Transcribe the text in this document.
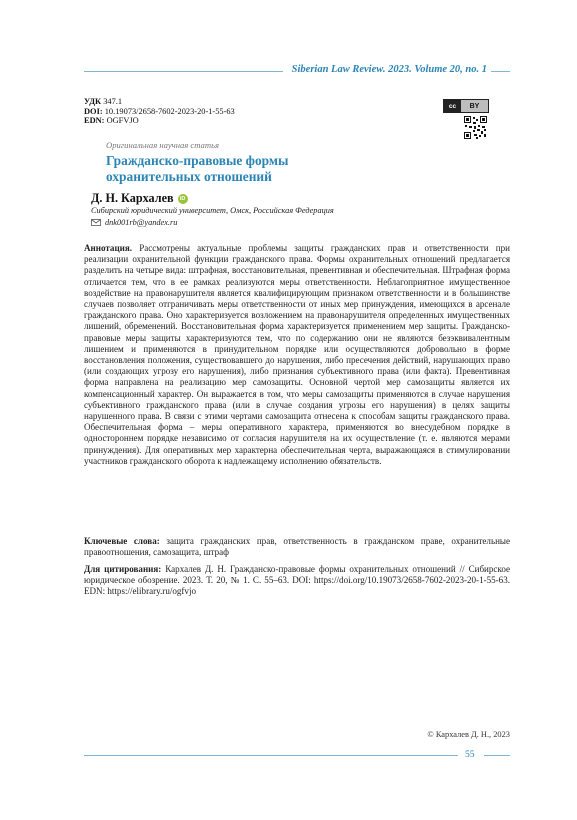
Siberian Law Review. 2023. Volume 20, no. 1
УДК 347.1
DOI: 10.19073/2658-7602-2023-20-1-55-63
EDN: OGFVJO
cc	BY
Оригинальная научная статья
Гражданско-правовые формы
охранительных отношений
Д. Н. Кархалев	iD
Сибирский юридический университет, Омск, Российская Федерация
dnk001rb@yandex.ru
Аннотация. Рассмотрены актуальные проблемы защиты гражданских прав и ответственности при реализации охранительной функции гражданского права. Формы охранительных отношений предлагается разделить на четыре вида: штрафная, восстановительная, превентивная и обеспечительная. Штрафная форма отличается тем, что в ее рамках реализуются меры ответственности. Неблагоприятное имущественное воздействие на правонарушителя является квалифицирующим признаком ответственности и в большинстве случаев позволяет отграничивать меры ответственности от иных мер принуждения, имеющихся в арсенале гражданского права. Оно характеризуется возложением на правонарушителя определенных имущественных лишений, обременений. Восстановительная форма характеризуется применением мер защиты. Гражданско-правовые меры защиты характеризуются тем, что по содержанию они не являются безэквивалентным лишением и применяются в принудительном порядке или осуществляются добровольно в форме восстановления положения, существовавшего до нарушения, либо пресечения действий, нарушающих право (или создающих угрозу его нарушения), либо признания субъективного права (или факта). Превентивная форма направлена на реализацию мер самозащиты. Основной чертой мер самозащиты является их компенсационный характер. Он выражается в том, что меры самозащиты применяются в случае нарушения субъективного гражданского права (или в случае создания угрозы его нарушения) в целях защиты нарушенного права. В связи с этими чертами самозащита отнесена к способам защиты гражданского права. Обеспечительная форма – меры оперативного характера, применяются во внесудебном порядке в одностороннем порядке независимо от согласия нарушителя на их осуществление (т. е. являются мерами принуждения). Для оперативных мер характерна обеспечительная черта, выражающаяся в стимулировании участников гражданского оборота к надлежащему исполнению обязательств.
Ключевые слова: защита гражданских прав, ответственность в гражданском праве, охранительные правоотношения, самозащита, штраф
Для цитирования: Кархалев Д. Н. Гражданско-правовые формы охранительных отношений // Сибирское юридическое обозрение. 2023. Т. 20, № 1. С. 55–63. DOI: https://doi.org/10.19073/2658-7602-2023-20-1-55-63. EDN: https://elibrary.ru/ogfvjo
© Кархалев Д. Н., 2023
55
